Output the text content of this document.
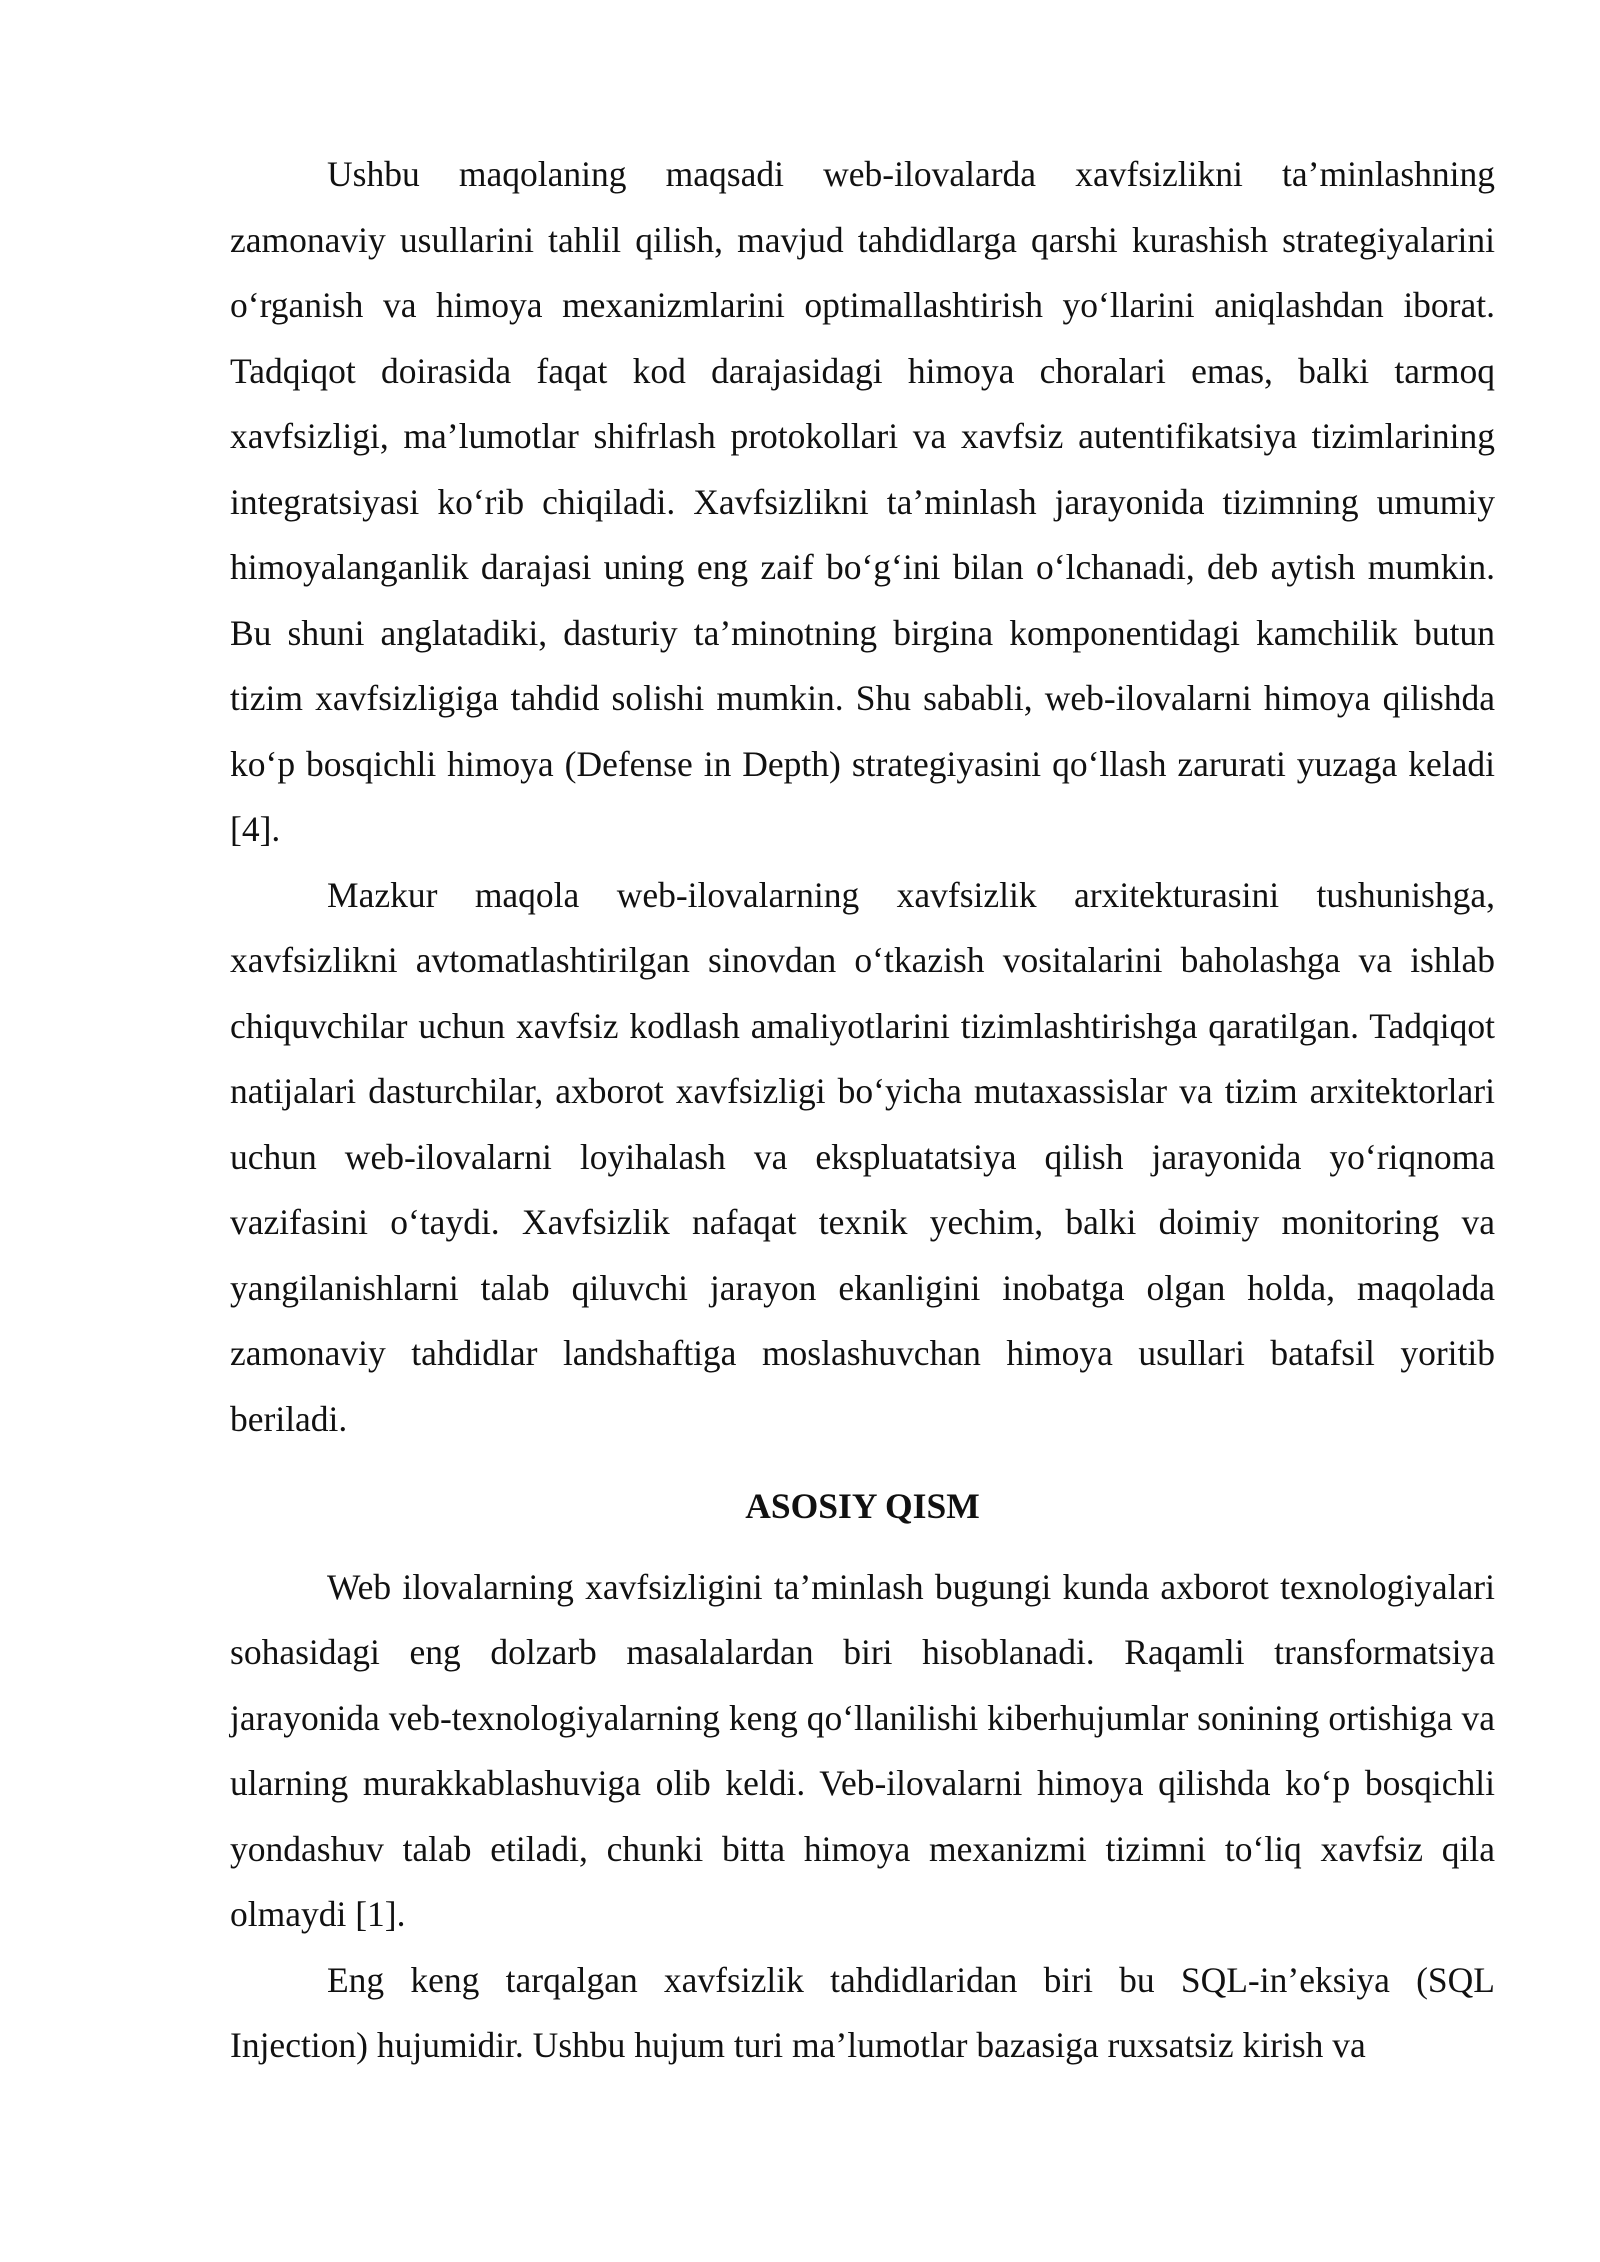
Ushbu maqolaning maqsadi web-ilovalarda xavfsizlikni ta’minlashning zamonaviy usullarini tahlil qilish, mavjud tahdidlarga qarshi kurashish strategiyalarini o‘rganish va himoya mexanizmlarini optimallashtirish yo‘llarini aniqlashdan iborat. Tadqiqot doirasida faqat kod darajasidagi himoya choralari emas, balki tarmoq xavfsizligi, ma’lumotlar shifrlash protokollari va xavfsiz autentifikatsiya tizimlarining integratsiyasi ko‘rib chiqiladi. Xavfsizlikni ta’minlash jarayonida tizimning umumiy himoyalanganlik darajasi uning eng zaif bo‘g‘ini bilan o‘lchanadi, deb aytish mumkin. Bu shuni anglatadiki, dasturiy ta’minotning birgina komponentidagi kamchilik butun tizim xavfsizligiga tahdid solishi mumkin. Shu sababli, web-ilovalarni himoya qilishda ko‘p bosqichli himoya (Defense in Depth) strategiyasini qo‘llash zarurati yuzaga keladi [4].

Mazkur maqola web-ilovalarning xavfsizlik arxitekturasini tushunishga, xavfsizlikni avtomatlashtirilgan sinovdan o‘tkazish vositalarini baholashga va ishlab chiquvchilar uchun xavfsiz kodlash amaliyotlarini tizimlashtirishga qaratilgan. Tadqiqot natijalari dasturchilar, axborot xavfsizligi bo‘yicha mutaxassislar va tizim arxitektorlari uchun web-ilovalarni loyihalash va ekspluatatsiya qilish jarayonida yo‘riqnoma vazifasini o‘taydi. Xavfsizlik nafaqat texnik yechim, balki doimiy monitoring va yangilanishlarni talab qiluvchi jarayon ekanligini inobatga olgan holda, maqolada zamonaviy tahdidlar landshaftiga moslashuvchan himoya usullari batafsil yoritib beriladi.

ASOSIY QISM

Web ilovalarning xavfsizligini ta’minlash bugungi kunda axborot texnologiyalari sohasidagi eng dolzarb masalalardan biri hisoblanadi. Raqamli transformatsiya jarayonida veb-texnologiyalarning keng qo‘llanilishi kiberhujumlar sonining ortishiga va ularning murakkablashuviga olib keldi. Veb-ilovalarni himoya qilishda ko‘p bosqichli yondashuv talab etiladi, chunki bitta himoya mexanizmi tizimni to‘liq xavfsiz qila olmaydi [1].

Eng keng tarqalgan xavfsizlik tahdidlaridan biri bu SQL-in’eksiya (SQL Injection) hujumidir. Ushbu hujum turi ma’lumotlar bazasiga ruxsatsiz kirish va
